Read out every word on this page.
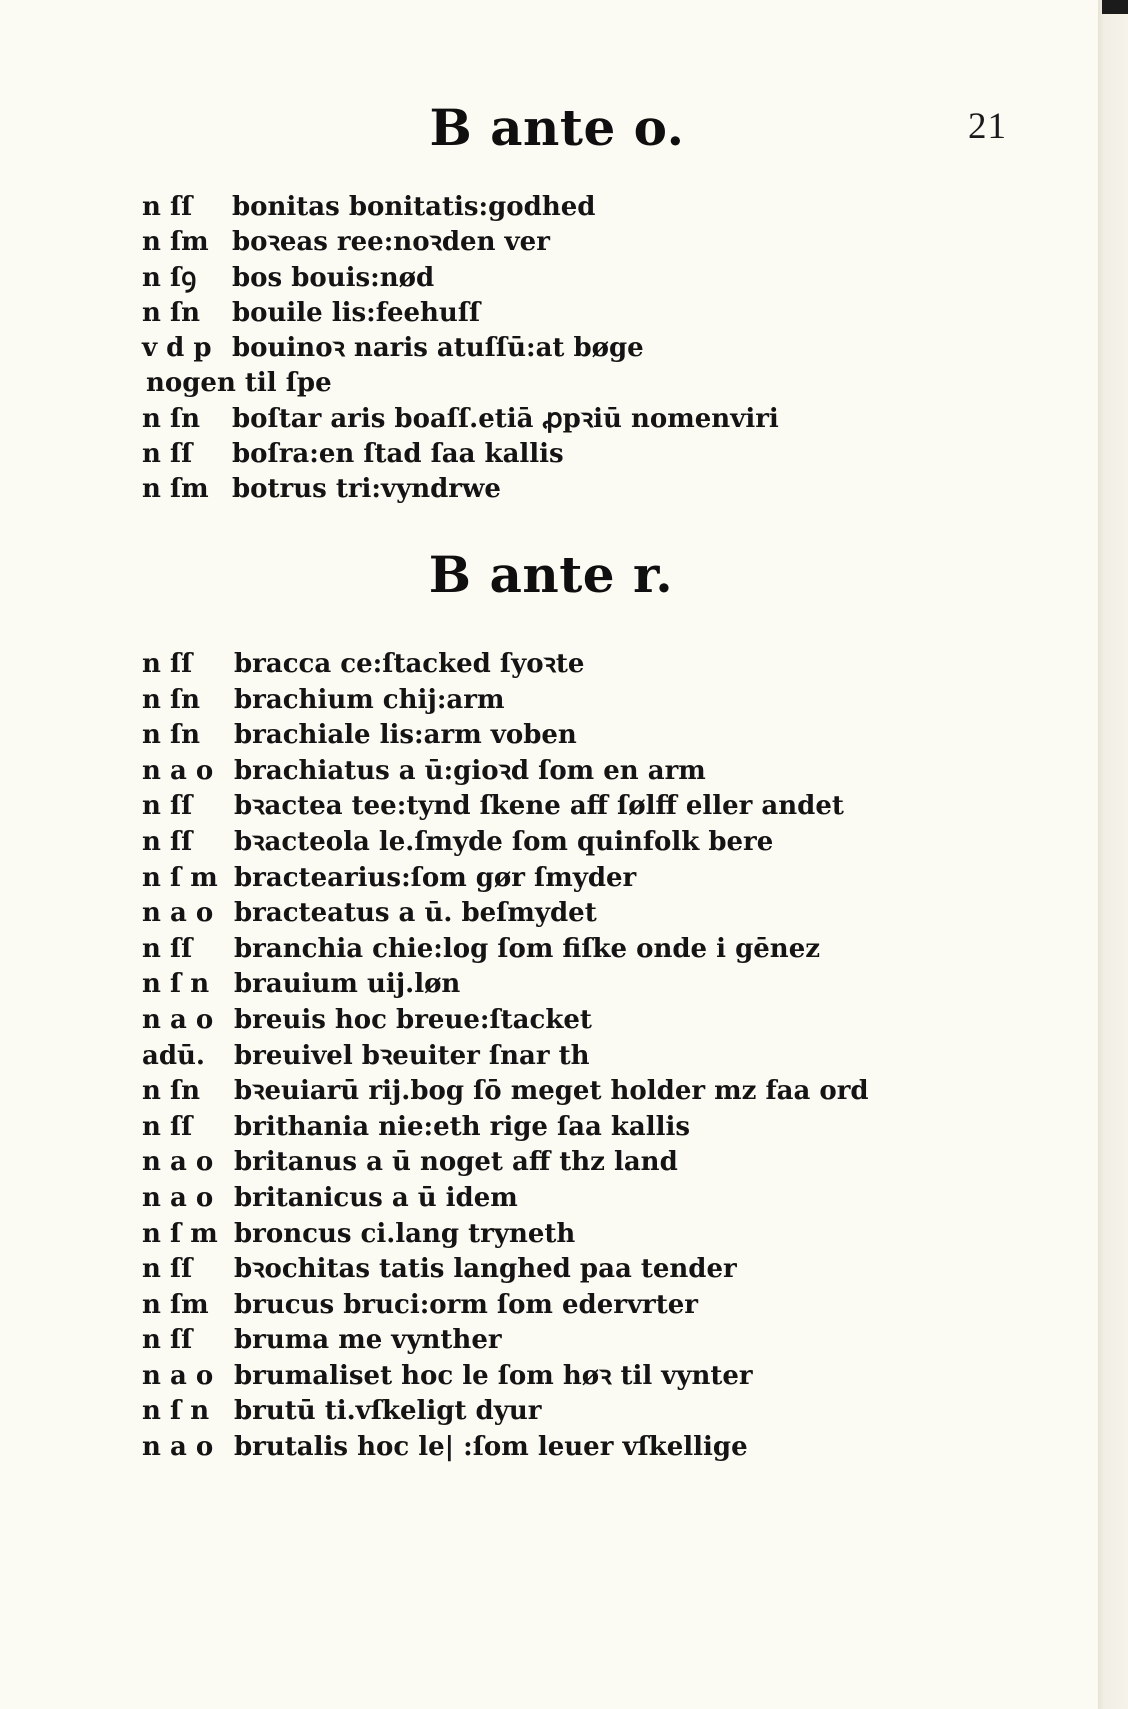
21
B ante o.
n ſſ bonitas bonitatis:godhed
n ſm boꝛeas ree:noꝛden ver
n ſꝯ bos bouis:nød
n ſn bouile lis:feehuſſ
v d p bouinoꝛ naris atuſſū:at bøge
nogen til ſpe
n ſn boſtar aris boaſſ.etiā ꝓpꝛiū nomenviri
n ſſ boſra:en ſtad ſaa kallis
n ſm botrus tri:vyndrwe
B ante r.
n ſſ bracca ce:ſtacked ſyoꝛte
n ſn brachium chij:arm
n ſn brachiale lis:arm voben
n a o brachiatus a ū:gioꝛd ſom en arm
n ſſ bꝛactea tee:tynd ſkene aff ſølff eller andet
n ſſ bꝛacteola le.ſmyde ſom quinfolk bere
n ſ m bractearius:ſom gør ſmyder
n a o bracteatus a ū. beſmydet
n ſſ branchia chie:log ſom fiſke onde i gēnez
n ſ n brauium uij.løn
n a o breuis hoc breue:ſtacket
adū. breuivel bꝛeuiter ſnar th
n ſn bꝛeuiarū rij.bog ſō meget holder mz faa ord
n ſſ brithania nie:eth rige ſaa kallis
n a o britanus a ū noget aff thz land
n a o britanicus a ū idem
n ſ m broncus ci.lang tryneth
n ſſ bꝛochitas tatis langhed paa tender
n ſm brucus bruci:orm ſom edervrter
n ſſ bruma me vynther
n a o brumaliset hoc le ſom høꝛ til vynter
n ſ n brutū ti.vſkeligt dyur
n a o brutalis hoc le| :ſom leuer vſkellige
